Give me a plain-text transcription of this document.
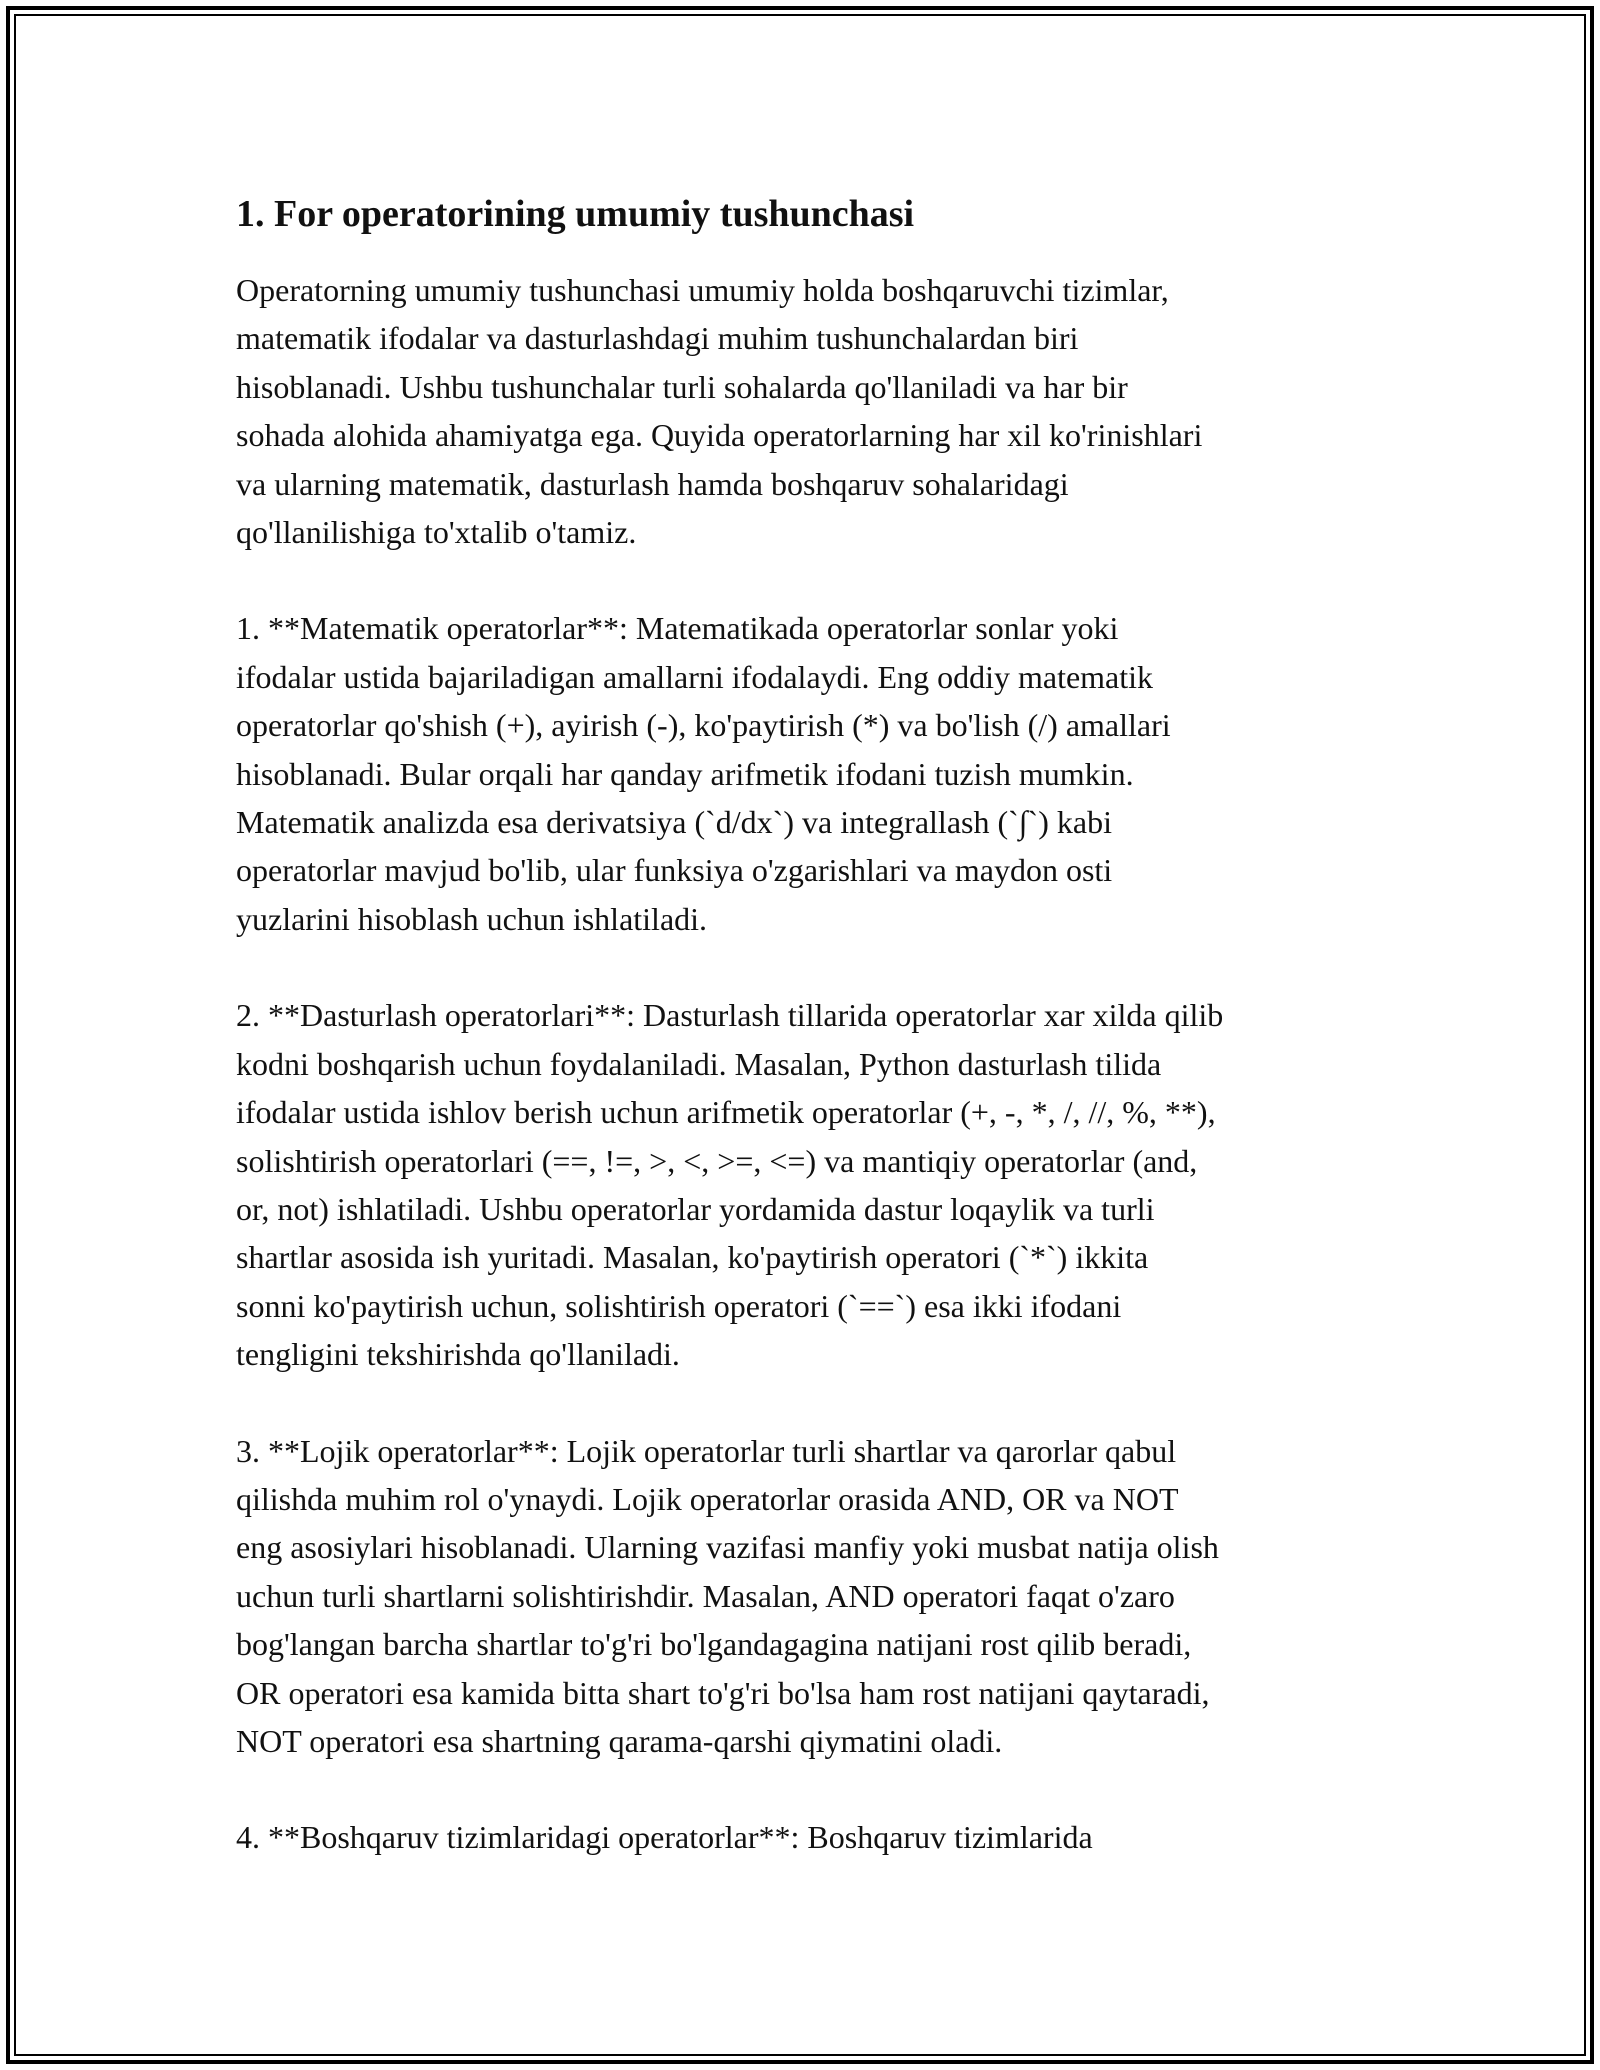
1. For operatorining umumiy tushunchasi

Operatorning umumiy tushunchasi umumiy holda boshqaruvchi tizimlar,
matematik ifodalar va dasturlashdagi muhim tushunchalardan biri
hisoblanadi. Ushbu tushunchalar turli sohalarda qo'llaniladi va har bir
sohada alohida ahamiyatga ega. Quyida operatorlarning har xil ko'rinishlari
va ularning matematik, dasturlash hamda boshqaruv sohalaridagi
qo'llanilishiga to'xtalib o'tamiz.

1. **Matematik operatorlar**: Matematikada operatorlar sonlar yoki
ifodalar ustida bajariladigan amallarni ifodalaydi. Eng oddiy matematik
operatorlar qo'shish (+), ayirish (-), ko'paytirish (*) va bo'lish (/) amallari
hisoblanadi. Bular orqali har qanday arifmetik ifodani tuzish mumkin.
Matematik analizda esa derivatsiya (`d/dx`) va integrallash (`∫`) kabi
operatorlar mavjud bo'lib, ular funksiya o'zgarishlari va maydon osti
yuzlarini hisoblash uchun ishlatiladi.

2. **Dasturlash operatorlari**: Dasturlash tillarida operatorlar xar xilda qilib
kodni boshqarish uchun foydalaniladi. Masalan, Python dasturlash tilida
ifodalar ustida ishlov berish uchun arifmetik operatorlar (+, -, *, /, //, %, **),
solishtirish operatorlari (==, !=, >, <, >=, <=) va mantiqiy operatorlar (and,
or, not) ishlatiladi. Ushbu operatorlar yordamida dastur loqaylik va turli
shartlar asosida ish yuritadi. Masalan, ko'paytirish operatori (`*`) ikkita
sonni ko'paytirish uchun, solishtirish operatori (`==`) esa ikki ifodani
tengligini tekshirishda qo'llaniladi.

3. **Lojik operatorlar**: Lojik operatorlar turli shartlar va qarorlar qabul
qilishda muhim rol o'ynaydi. Lojik operatorlar orasida AND, OR va NOT
eng asosiylari hisoblanadi. Ularning vazifasi manfiy yoki musbat natija olish
uchun turli shartlarni solishtirishdir. Masalan, AND operatori faqat o'zaro
bog'langan barcha shartlar to'g'ri bo'lgandagagina natijani rost qilib beradi,
OR operatori esa kamida bitta shart to'g'ri bo'lsa ham rost natijani qaytaradi,
NOT operatori esa shartning qarama-qarshi qiymatini oladi.

4. **Boshqaruv tizimlaridagi operatorlar**: Boshqaruv tizimlarida
